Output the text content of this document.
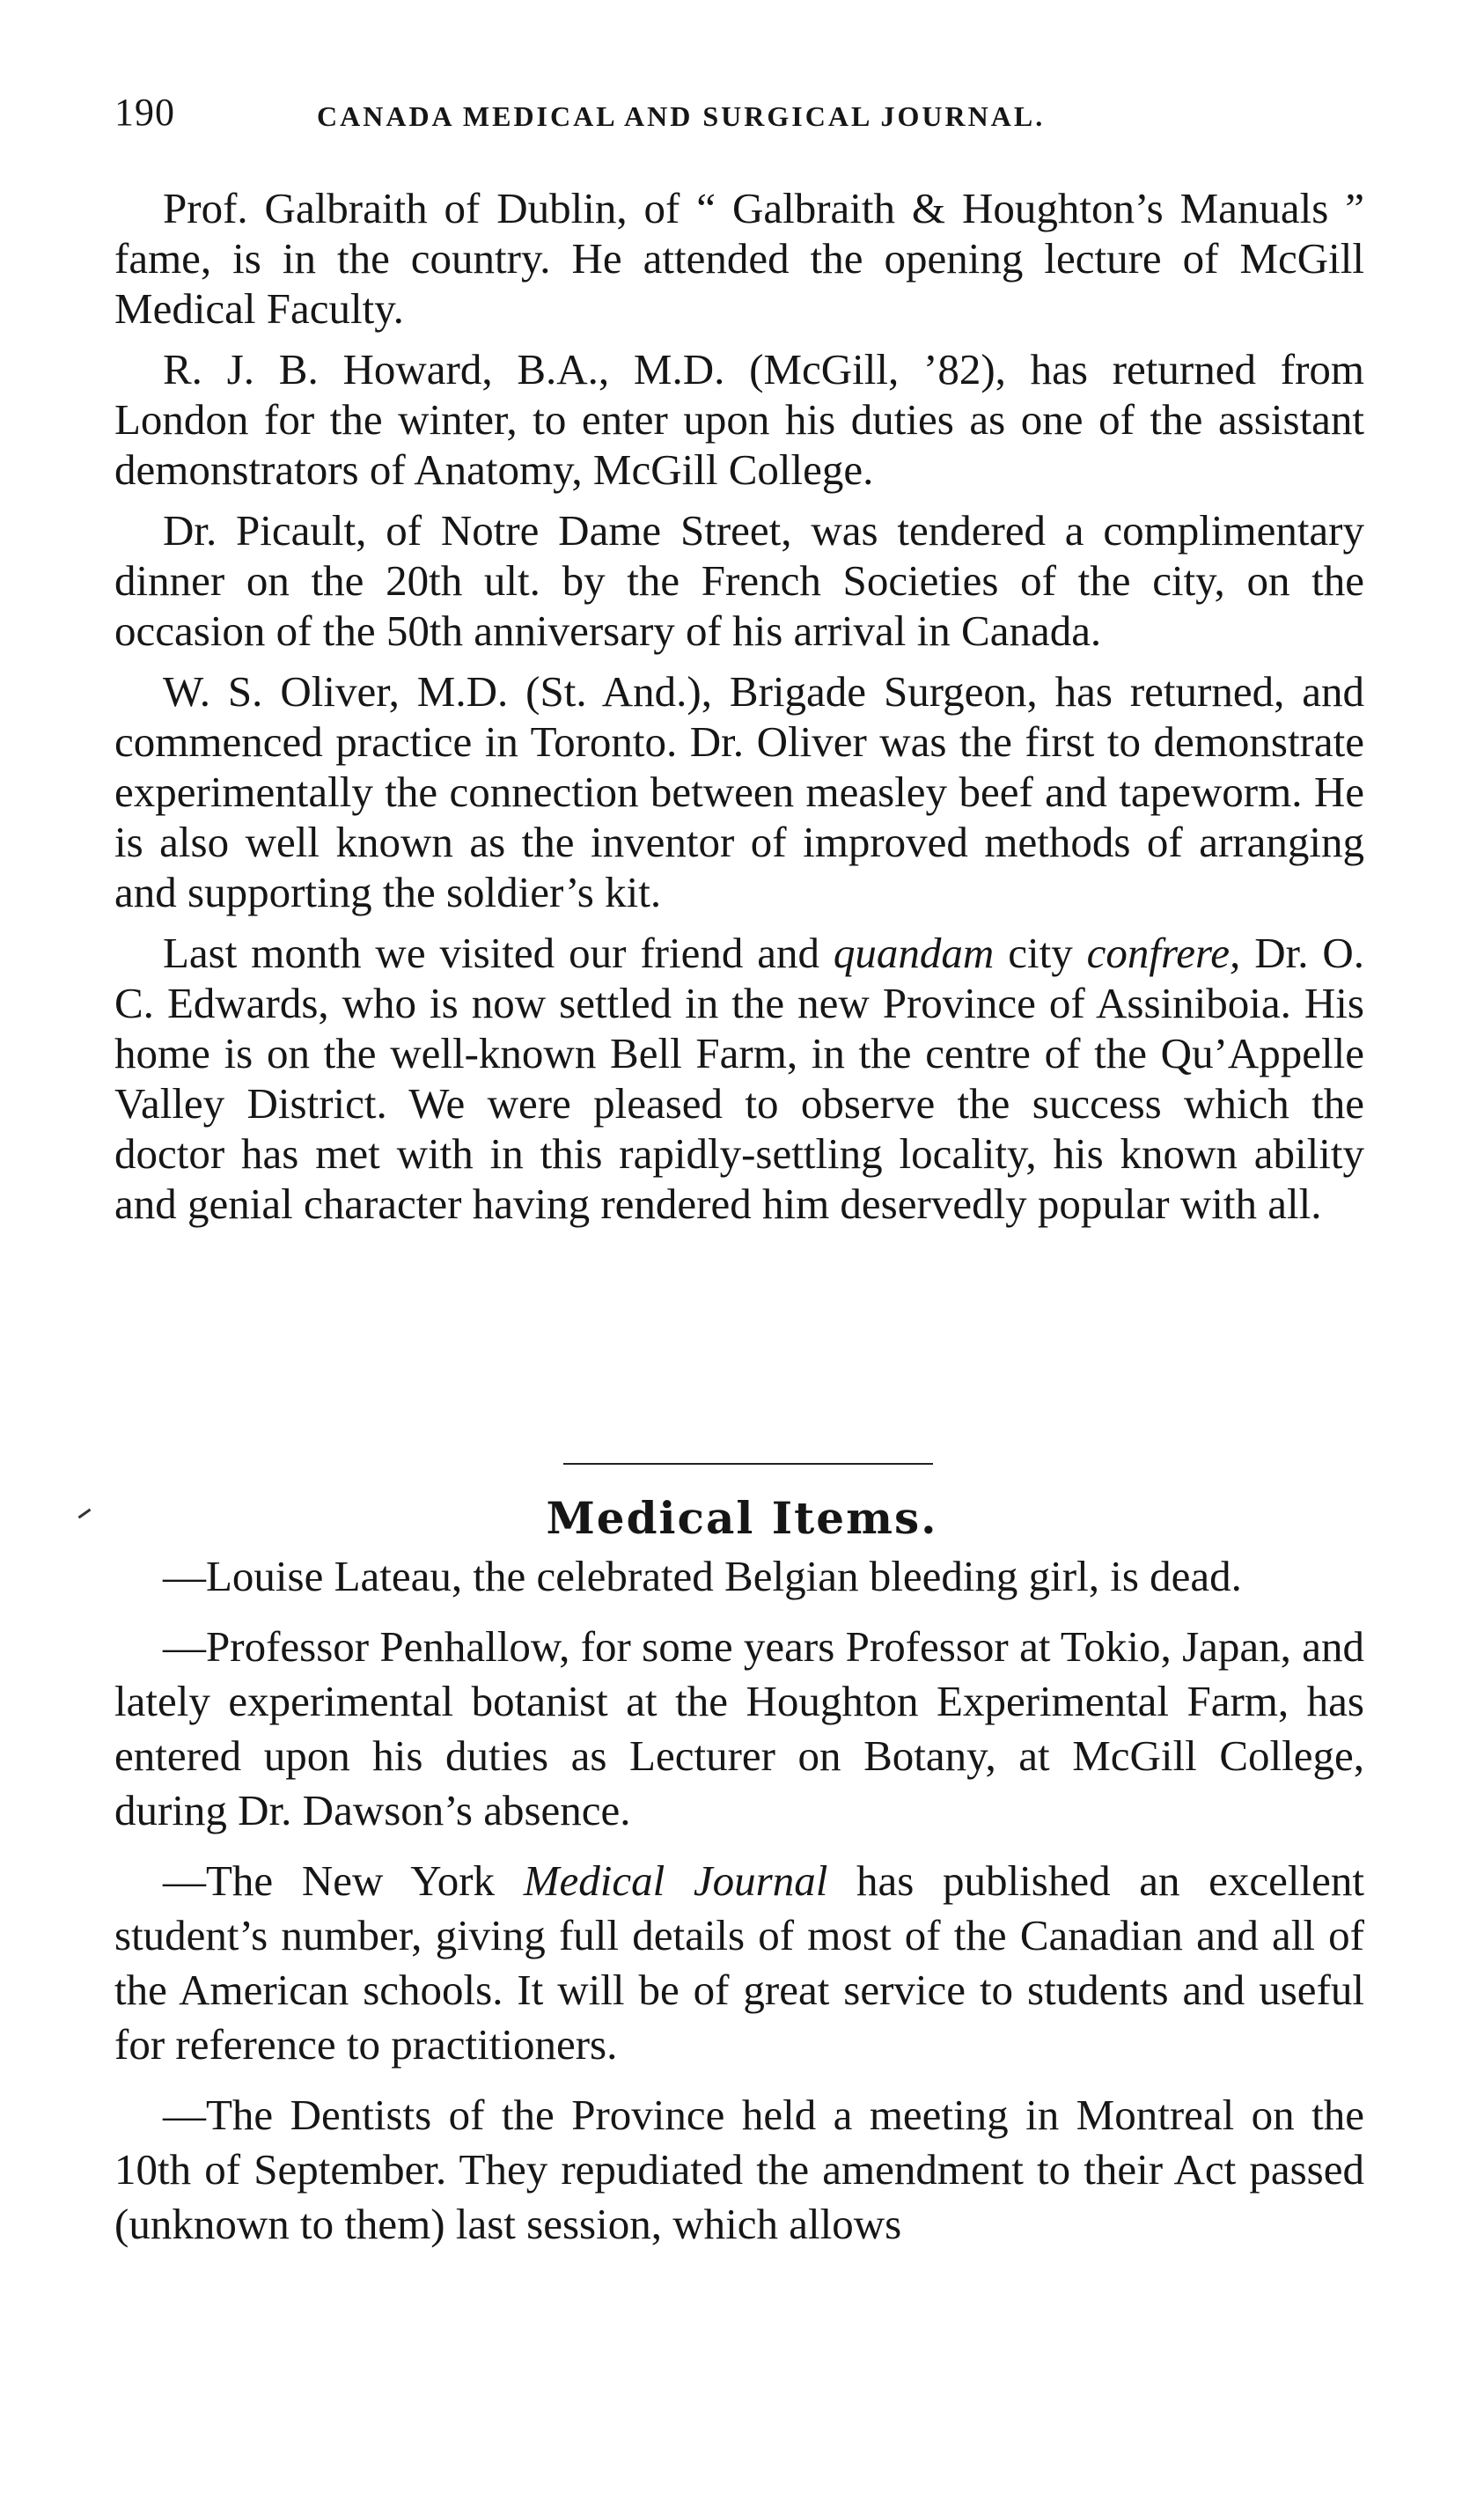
190	CANADA MEDICAL AND SURGICAL JOURNAL.

Prof. Galbraith of Dublin, of “ Galbraith & Houghton’s Manuals ” fame, is in the country. He attended the opening lecture of McGill Medical Faculty.

R. J. B. Howard, B.A., M.D. (McGill, ’82), has returned from London for the winter, to enter upon his duties as one of the assistant demonstrators of Anatomy, McGill College.

Dr. Picault, of Notre Dame Street, was tendered a complimentary dinner on the 20th ult. by the French Societies of the city, on the occasion of the 50th anniversary of his arrival in Canada.

W. S. Oliver, M.D. (St. And.), Brigade Surgeon, has returned, and commenced practice in Toronto. Dr. Oliver was the first to demonstrate experimentally the connection between measley beef and tapeworm. He is also well known as the inventor of improved methods of arranging and supporting the soldier’s kit.

Last month we visited our friend and quandam city confrere, Dr. O. C. Edwards, who is now settled in the new Province of Assiniboia. His home is on the well-known Bell Farm, in the centre of the Qu’Appelle Valley District. We were pleased to observe the success which the doctor has met with in this rapidly-settling locality, his known ability and genial character having rendered him deservedly popular with all.

Medical Items.

—Louise Lateau, the celebrated Belgian bleeding girl, is dead.

—Professor Penhallow, for some years Professor at Tokio, Japan, and lately experimental botanist at the Houghton Experimental Farm, has entered upon his duties as Lecturer on Botany, at McGill College, during Dr. Dawson’s absence.

—The New York Medical Journal has published an excellent student’s number, giving full details of most of the Canadian and all of the American schools. It will be of great service to students and useful for reference to practitioners.

—The Dentists of the Province held a meeting in Montreal on the 10th of September. They repudiated the amendment to their Act passed (unknown to them) last session, which allows
